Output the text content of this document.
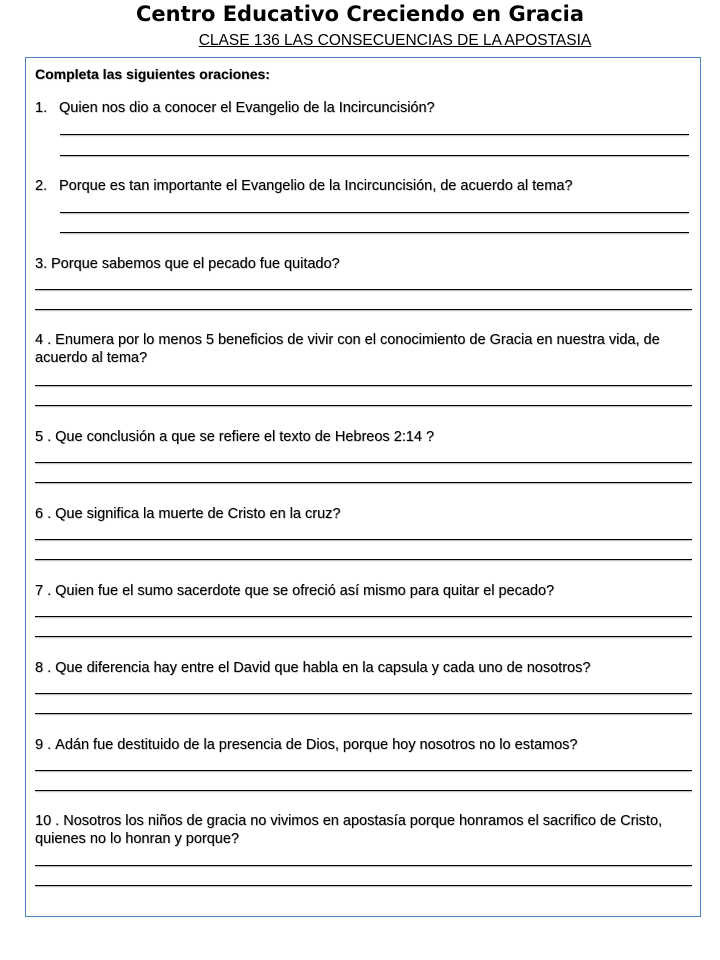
Centro Educativo Creciendo en Gracia
CLASE 136 LAS CONSECUENCIAS DE LA APOSTASIA
Completa las siguientes oraciones:
1. Quien nos dio a conocer el Evangelio de la Incircuncisión?
2. Porque es tan importante el Evangelio de la Incircuncisión, de acuerdo al tema?
3. Porque sabemos que el pecado fue quitado?
4 . Enumera por lo menos 5 beneficios de vivir con el conocimiento de Gracia en nuestra vida, de acuerdo al tema?
5 . Que conclusión a que se refiere el texto de Hebreos 2:14 ?
6 . Que significa la muerte de Cristo en la cruz?
7 . Quien fue el sumo sacerdote que se ofreció así mismo para quitar el pecado?
8 . Que diferencia hay entre el David que habla en la capsula y cada uno de nosotros?
9 . Adán fue destituido de la presencia de Dios, porque hoy nosotros no lo estamos?
10 . Nosotros los niños de gracia no vivimos en apostasía porque honramos el sacrifico de Cristo, quienes no lo honran y porque?
